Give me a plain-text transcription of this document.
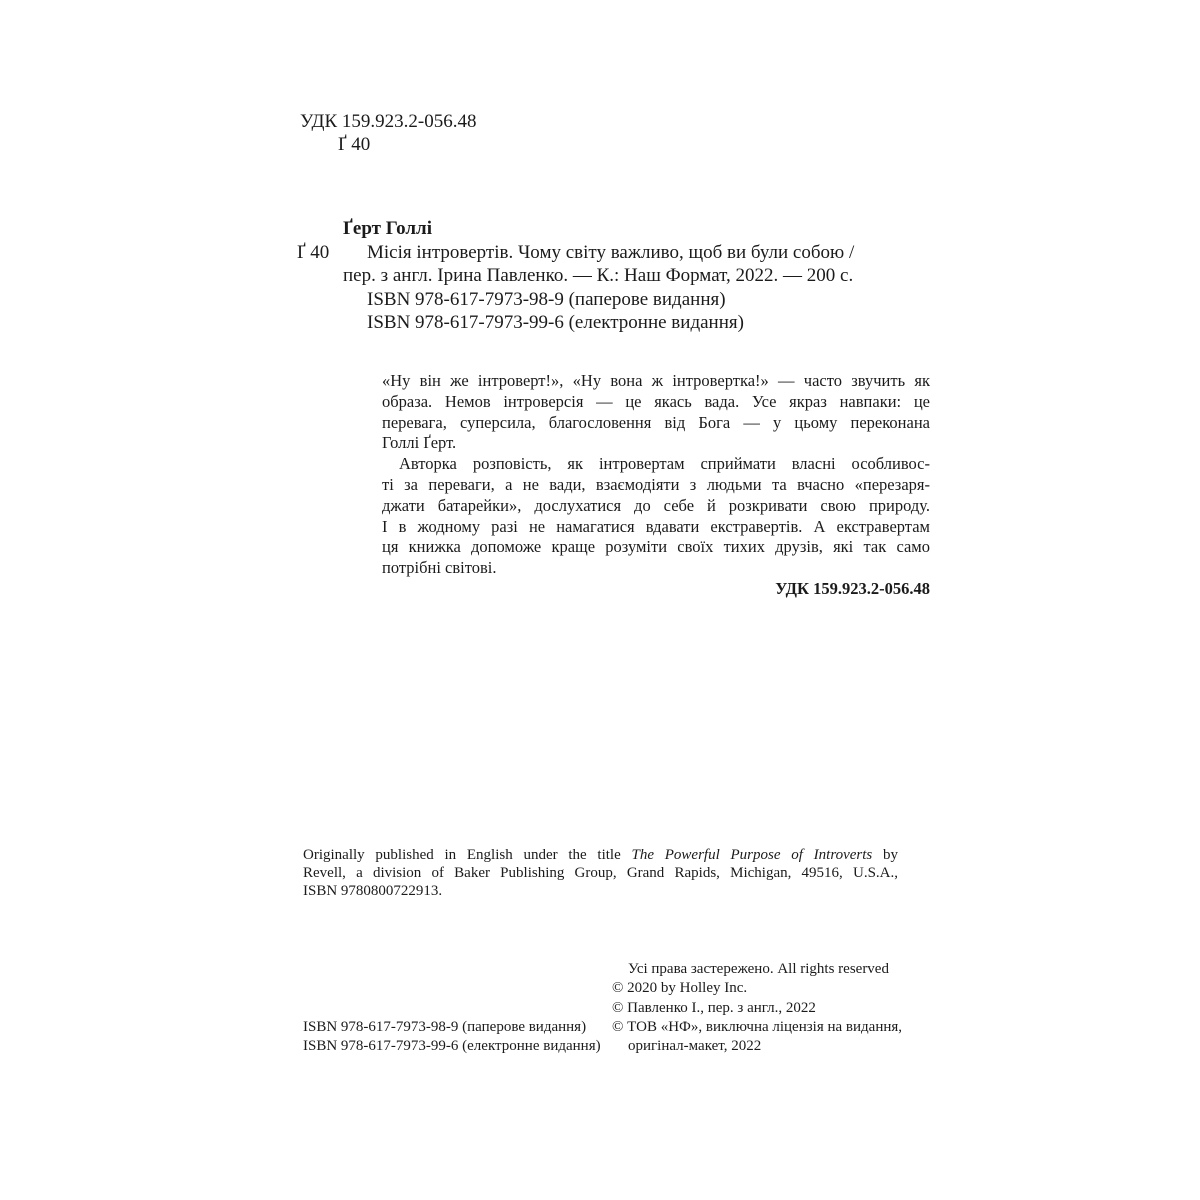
УДК 159.923.2-056.48
Ґ 40
Ґерт Голлі
Ґ 40	Місія інтровертів. Чому світу важливо, щоб ви були собою /
пер. з англ. Ірина Павленко. — К.: Наш Формат, 2022. — 200 с.
ISBN 978-617-7973-98-9 (паперове видання)
ISBN 978-617-7973-99-6 (електронне видання)
«Ну він же інтроверт!», «Ну вона ж інтровертка!» — часто звучить як
образа. Немов інтроверсія — це якась вада. Усе якраз навпаки: це
перевага, суперсила, благословення від Бога — у цьому переконана
Голлі Ґерт.
Авторка розповість, як інтровертам сприймати власні особливос-
ті за переваги, а не вади, взаємодіяти з людьми та вчасно «перезаря-
джати батарейки», дослухатися до себе й розкривати свою природу.
І в жодному разі не намагатися вдавати екстравертів. А екстравертам
ця книжка допоможе краще розуміти своїх тихих друзів, які так само
потрібні світові.
УДК 159.923.2-056.48
Originally published in English under the title The Powerful Purpose of Introverts by
Revell, a division of Baker Publishing Group, Grand Rapids, Michigan, 49516, U.S.A.,
ISBN 9780800722913.
Усі права застережено. All rights reserved
© 2020 by Holley Inc.
© Павленко І., пер. з англ., 2022
© ТОВ «НФ», виключна ліцензія на видання,
оригінал-макет, 2022
ISBN 978-617-7973-98-9 (паперове видання)
ISBN 978-617-7973-99-6 (електронне видання)
